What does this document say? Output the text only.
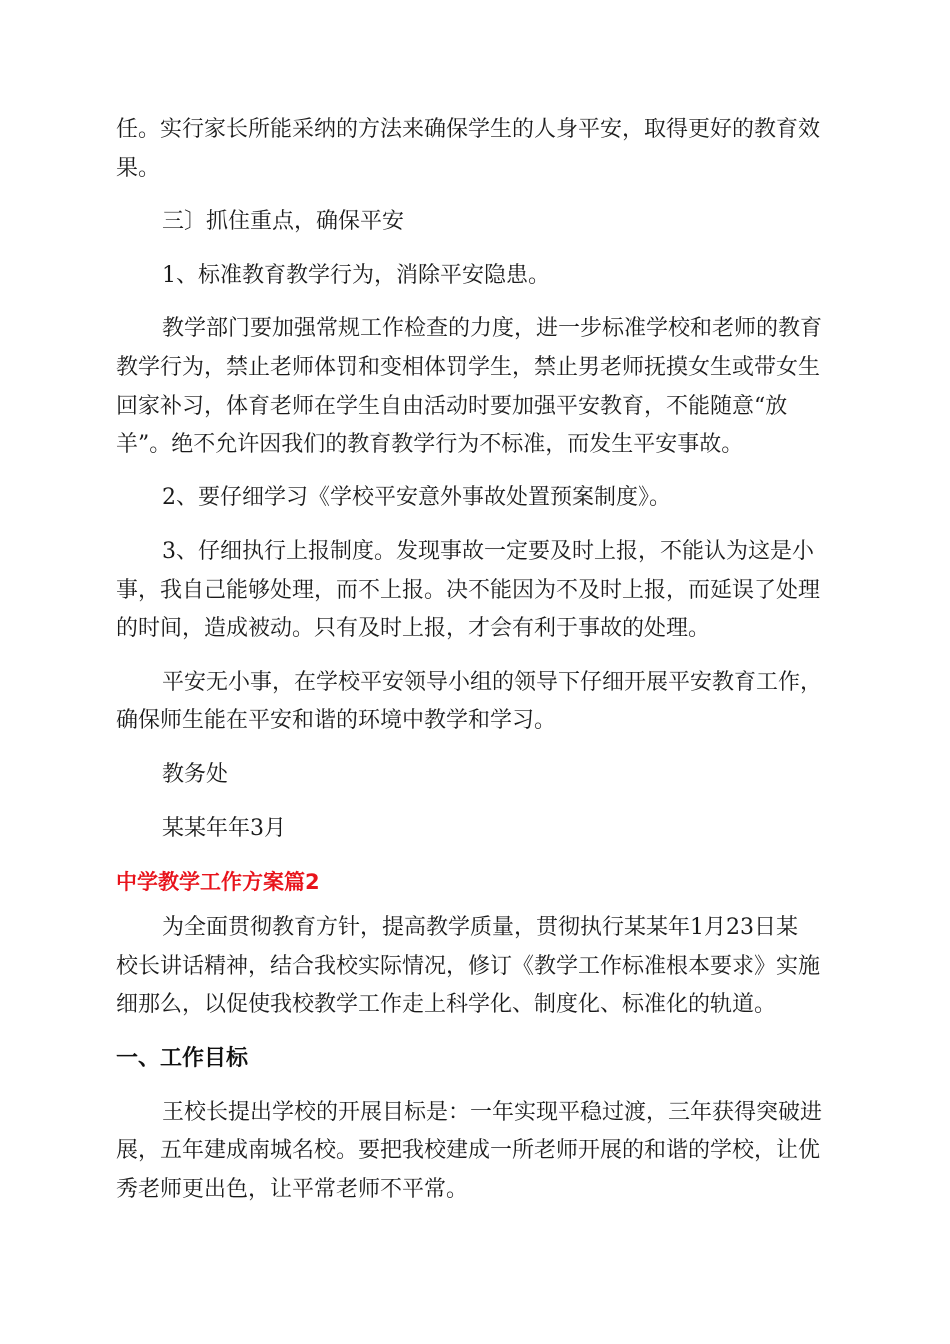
任。实行家长所能采纳的方法来确保学生的人身平安，取得更好的教育效

果。

三〕抓住重点，确保平安

1、标准教育教学行为，消除平安隐患。

教学部门要加强常规工作检查的力度，进一步标准学校和老师的教育

教学行为，禁止老师体罚和变相体罚学生，禁止男老师抚摸女生或带女生

回家补习，体育老师在学生自由活动时要加强平安教育，不能随意“放

羊”。绝不允许因我们的教育教学行为不标准，而发生平安事故。

2、要仔细学习《学校平安意外事故处置预案制度》。

3、仔细执行上报制度。发现事故一定要及时上报，不能认为这是小

事，我自己能够处理，而不上报。决不能因为不及时上报，而延误了处理

的时间，造成被动。只有及时上报，才会有利于事故的处理。

平安无小事，在学校平安领导小组的领导下仔细开展平安教育工作，

确保师生能在平安和谐的环境中教学和学习。

教务处

某某年年3月

中学教学工作方案篇2

为全面贯彻教育方针，提高教学质量，贯彻执行某某年1月23日某

校长讲话精神，结合我校实际情况，修订《教学工作标准根本要求》实施

细那么，以促使我校教学工作走上科学化、制度化、标准化的轨道。

一、工作目标

王校长提出学校的开展目标是：一年实现平稳过渡，三年获得突破进

展，五年建成南城名校。要把我校建成一所老师开展的和谐的学校，让优

秀老师更出色，让平常老师不平常。
